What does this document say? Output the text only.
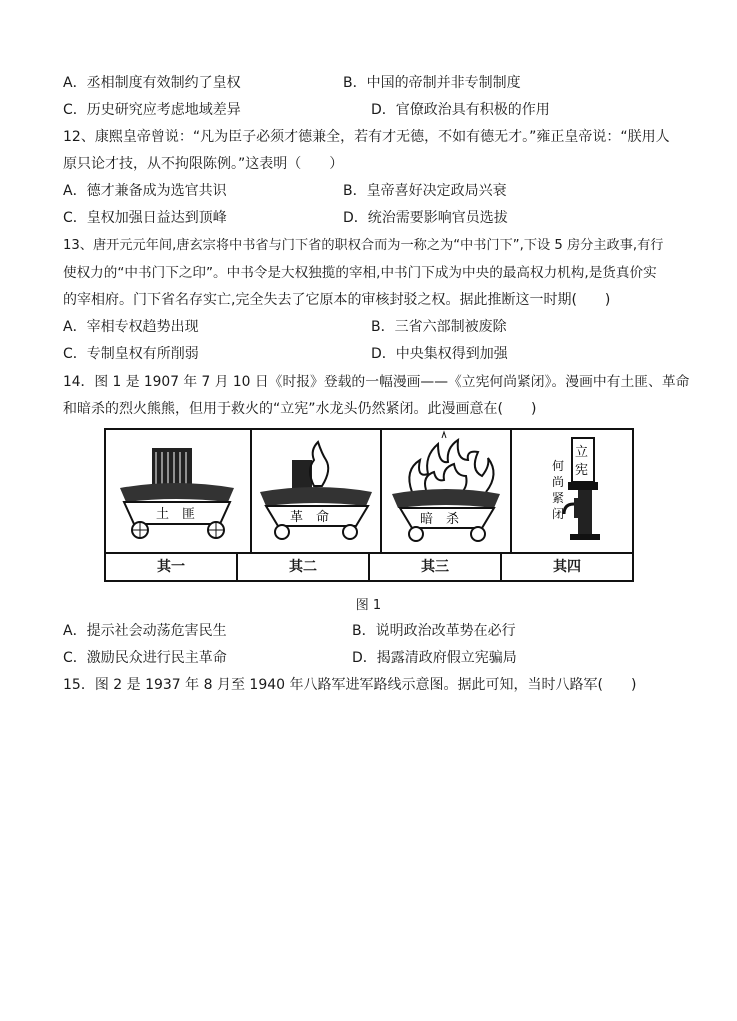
A．丞相制度有效制约了皇权	B．中国的帝制并非专制制度
C．历史研究应考虑地域差异	D．官僚政治具有积极的作用
12、康熙皇帝曾说：“凡为臣子必须才德兼全，若有才无德，不如有德无才。”雍正皇帝说：“朕用人
原只论才技，从不拘限陈例。”这表明（　　）
A．德才兼备成为选官共识	B．皇帝喜好决定政局兴衰
C．皇权加强日益达到顶峰	D．统治需要影响官员选拔
13、唐开元元年间,唐玄宗将中书省与门下省的职权合而为一称之为“中书门下”,下设 5 房分主政事,有行
使权力的“中书门下之印”。中书令是大权独揽的宰相,中书门下成为中央的最高权力机构,是货真价实
的宰相府。门下省名存实亡,完全失去了它原本的审核封驳之权。据此推断这一时期(　　)
A．宰相专权趋势出现	B．三省六部制被废除
C．专制皇权有所削弱	D．中央集权得到加强
14．图 1 是 1907 年 7 月 10 日《时报》登载的一幅漫画——《立宪何尚紧闭》。漫画中有土匪、革命
和暗杀的烈火熊熊，但用于救火的“立宪”水龙头仍然紧闭。此漫画意在(　　)
土　匪	革　命	暗　杀
立
宪
何
尚
紧
闭
其一	其二	其三	其四
图 1
A．提示社会动荡危害民生	B．说明政治改革势在必行
C．激励民众进行民主革命	D．揭露清政府假立宪骗局
15．图 2 是 1937 年 8 月至 1940 年八路军进军路线示意图。据此可知，当时八路军(　　)
